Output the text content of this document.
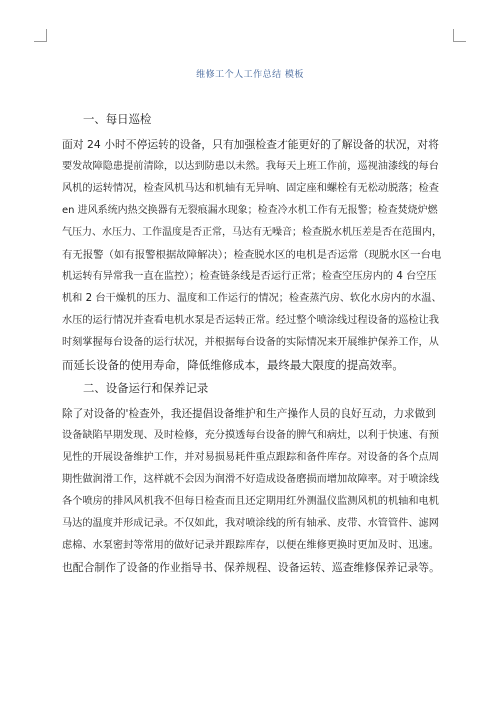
维修工个人工作总结 模板
一、每日巡检
面对 24 小时不停运转的设备，只有加强检查才能更好的了解设备的状况，对将
要发故障隐患提前清除，以达到防患以未然。我每天上班工作前，巡视油漆线的每台
风机的运转情况，检查风机马达和机轴有无异响、固定座和螺栓有无松动脱落；检查
en 进风系统内热交换器有无裂痕漏水现象；检查冷水机工作有无报警；检查焚烧炉燃
气压力、水压力、工作温度是否正常，马达有无噪音；检查脱水机压差是否在范围内，
有无报警（如有报警根据故障解决）；检查脱水区的电机是否运常（现脱水区一台电
机运转有异常我一直在监控）；检查链条线是否运行正常；检查空压房内的 4 台空压
机和 2 台干燥机的压力、温度和工作运行的情况；检查蒸汽房、软化水房内的水温、
水压的运行情况并查看电机水泵是否运转正常。经过整个喷涂线过程设备的巡检让我
时刻掌握每台设备的运行状况，并根据每台设备的实际情况来开展维护保养工作，从
而延长设备的使用寿命，降低维修成本，最终最大限度的提高效率。
二、设备运行和保养记录
除了对设备的'检查外，我还提倡设备维护和生产操作人员的良好互动，力求做到
设备缺陷早期发现、及时检修，充分摸透每台设备的脾气和病灶，以利于快速、有预
见性的开展设备维护工作，并对易损易耗件重点跟踪和备件库存。对设备的各个点周
期性做润滑工作，这样就不会因为润滑不好造成设备磨损而增加故障率。对于喷涂线
各个喷房的排风风机我不但每日检查而且还定期用红外测温仪监测风机的机轴和电机
马达的温度并形成记录。不仅如此，我对喷涂线的所有轴承、皮带、水管管件、滤网
虑棉、水泵密封等常用的做好记录并跟踪库存，以便在维修更换时更加及时、迅速。
也配合制作了设备的作业指导书、保养规程、设备运转、巡查维修保养记录等。
